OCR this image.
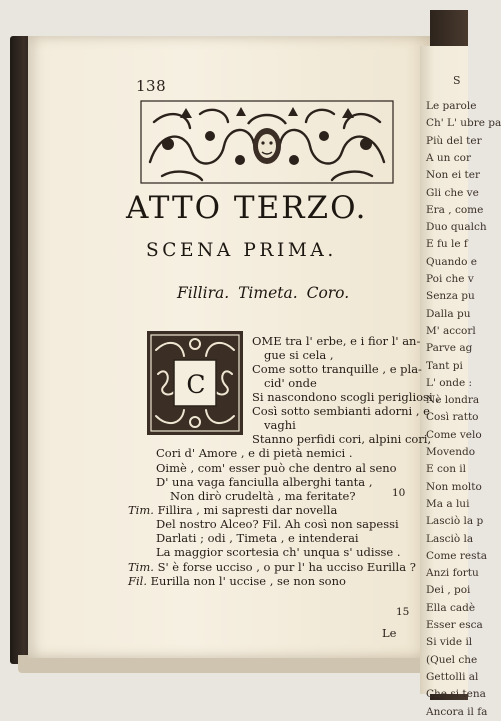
S
Le parole
Ch' L' ubre pa
Più del ter
A un cor
Non ei ter
Gli che ve
Era , come
Duo qualch
E fu le f
Quando e
Poi che v
Senza pu
Dalla pu
M' accorl
Parve ag
Tant pi
L' onde :
Nè londra
Così ratto
Come velo
Movendo
E con il
Non molto
Ma a lui
Lasciò la p
Lasciò la
Come resta
Anzi fortu
Dei , poi
Ella cadè
Esser esca
Si vide il
(Quel che
Gettolli al
Che si tena
Ancora il fa
138
ATTO TERZO.
SCENA PRIMA.
Fillira. Timeta. Coro.
C
OME tra l' erbe, e i fior l' an-
gue si cela ,
Come sotto tranquille , e pla-
cid' onde
Si nascondono scogli perigliosi ,
Così sotto sembianti adorni , e
vaghi
Stanno perfidi cori, alpini cori,
Cori d' Amore , e di pietà nemici .
Oimè , com' esser può che dentro al seno
D' una vaga fanciulla alberghi tanta ,
Non dirò crudeltà , ma feritate?
Tim. Fillira , mi sapresti dar novella
Del nostro Alceo? Fil. Ah così non sapessi
Darlati ; odi , Timeta , e intenderai
La maggior scortesia ch' unqua s' udisse .
Tim. S' è forse ucciso , o pur l' ha ucciso Eurilla ?
Fil. Eurilla non l' uccise , se non sono
10
15
Le
